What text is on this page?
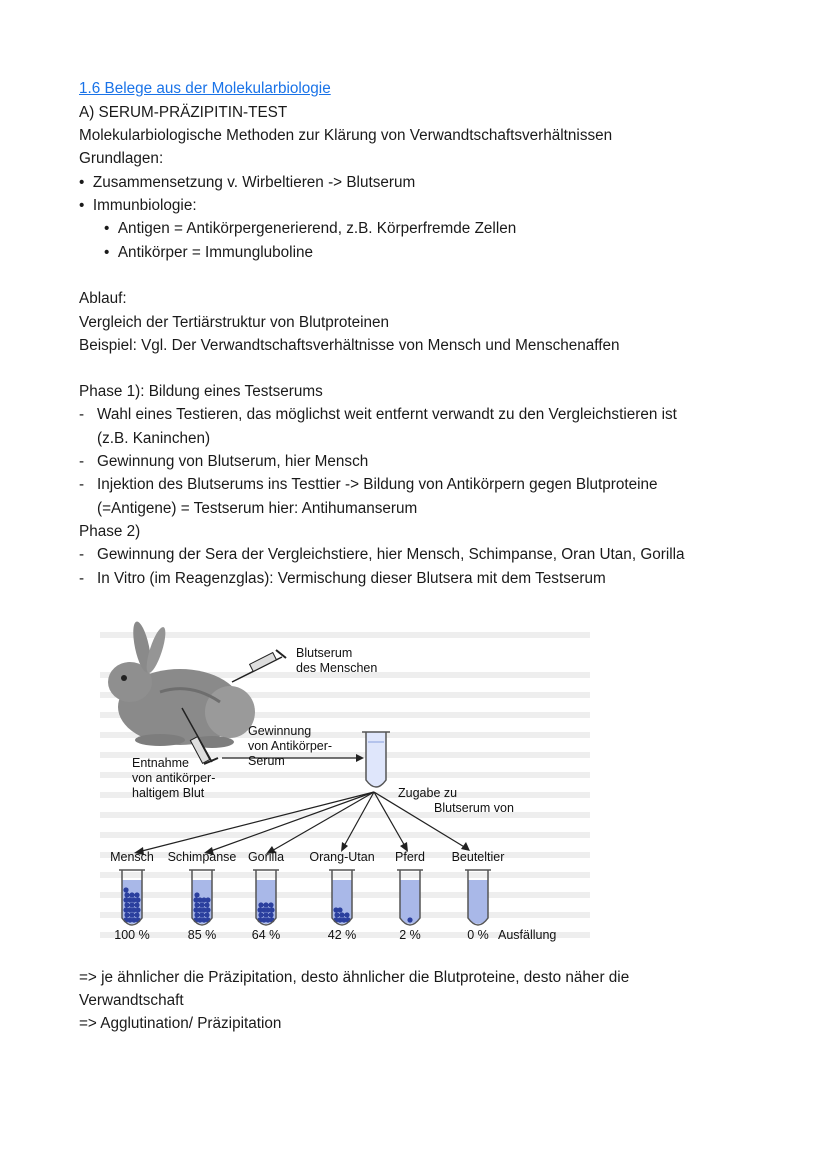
1.6 Belege aus der Molekularbiologie
A) SERUM-PRÄZIPITIN-TEST
Molekularbiologische Methoden zur Klärung von Verwandtschaftsverhältnissen
Grundlagen:
• Zusammensetzung v. Wirbeltieren -> Blutserum
• Immunbiologie:
• Antigen = Antikörpergenerierend, z.B. Körperfremde Zellen
• Antikörper = Immungluboline
Ablauf:
Vergleich der Tertiärstruktur von Blutproteinen
Beispiel: Vgl. Der Verwandtschaftsverhältnisse von Mensch und Menschenaffen
Phase 1): Bildung eines Testserums
- Wahl eines Testieren, das möglichst weit entfernt verwandt zu den Vergleichstieren ist
(z.B. Kaninchen)
- Gewinnung von Blutserum, hier Mensch
- Injektion des Blutserums ins Testtier -> Bildung von Antikörpern gegen Blutproteine
(=Antigene) = Testserum hier: Antihumanserum
Phase 2)
- Gewinnung der Sera der Vergleichstiere, hier Mensch, Schimpanse, Oran Utan, Gorilla
- In Vitro (im Reagenzglas): Vermischung dieser Blutsera mit dem Testserum
Blutserum
des Menschen
Gewinnung
von Antikörper-
Serum
Entnahme
von antikörper-
haltigem Blut	Zugabe zu
Blutserum von
Mensch
100 %
Schimpanse
85 %
Gorilla
64 %
Orang-Utan
42 %
Pferd
2 %
Beuteltier
0 % Ausfällung
=> je ähnlicher die Präzipitation, desto ähnlicher die Blutproteine, desto näher die
Verwandtschaft
=> Agglutination/ Präzipitation
